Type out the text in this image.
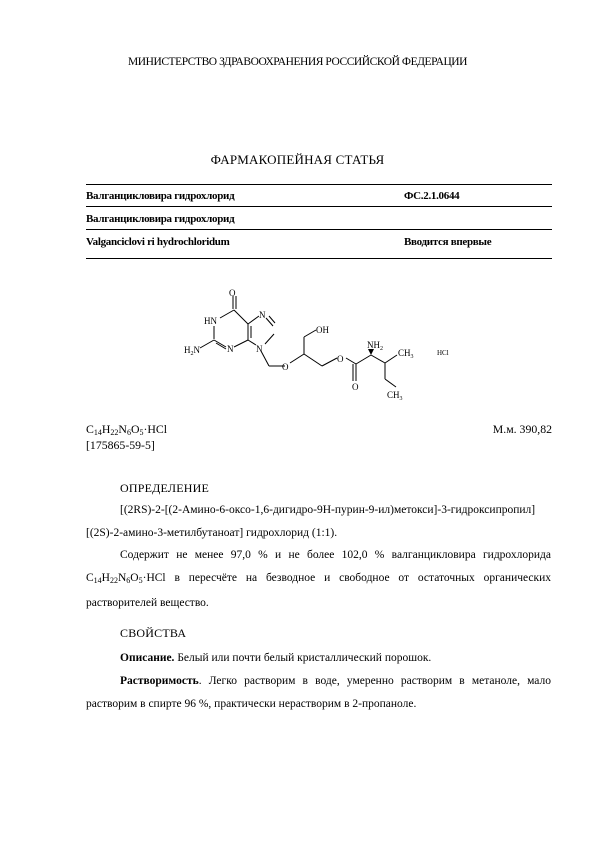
МИНИСТЕРСТВО ЗДРАВООХРАНЕНИЯ РОССИЙСКОЙ ФЕДЕРАЦИИ
ФАРМАКОПЕЙНАЯ СТАТЬЯ
Валганцикловира гидрохлорид	ФС.2.1.0644
Валганцикловира гидрохлорид
Valganciclovi ri hydrochloridum	Вводится впервые
O
HN
N
$H_2N$
N
N
OH
O
O
O
$NH_2$	HCl
$CH_3$
$CH_3$
C14H22N6O5·HCl	М.м. 390,82
[175865-59-5]
ОПРЕДЕЛЕНИЕ

[(2RS)-2-[(2-Амино-6-оксо-1,6-дигидро-9H-пурин-9-ил)метокси]-3-гидроксипропил][(2S)-2-амино-3-метилбутаноат] гидрохлорид (1:1).

Содержит не менее 97,0 % и не более 102,0 % валганцикловира гидрохлорида C14H22N6O5·HCl в пересчёте на безводное и свободное от остаточных органических растворителей вещество.

СВОЙСТВА

Описание. Белый или почти белый кристаллический порошок.

Растворимость. Легко растворим в воде, умеренно растворим в метаноле, мало растворим в спирте 96 %, практически нерастворим в 2-пропаноле.
